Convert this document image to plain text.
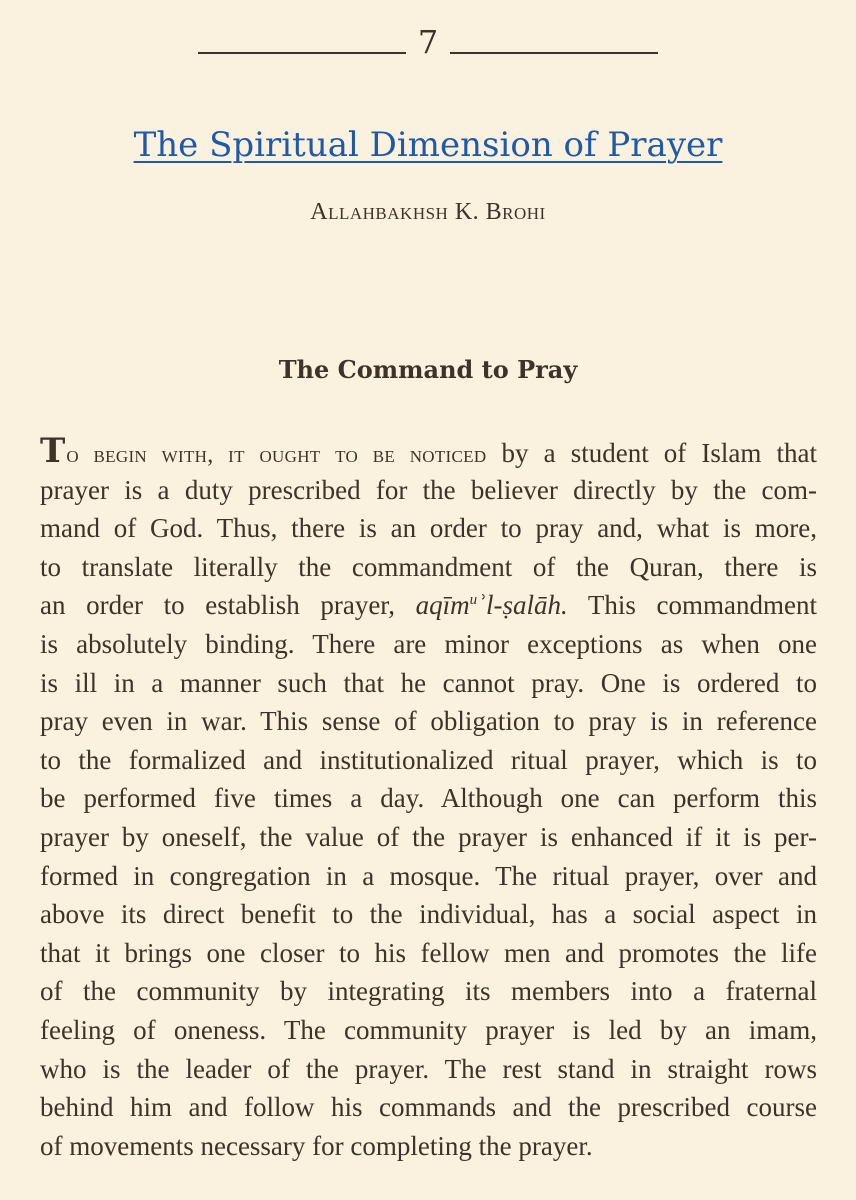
7
The Spiritual Dimension of Prayer
Allahbakhsh K. Brohi
The Command to Pray
To begin with, it ought to be noticed by a student of Islam that
prayer is a duty prescribed for the believer directly by the com-
mand of God. Thus, there is an order to pray and, what is more,
to translate literally the commandment of the Quran, there is
an order to establish prayer, aqīm$^u$ʾl-ṣalāh. This commandment
is absolutely binding. There are minor exceptions as when one
is ill in a manner such that he cannot pray. One is ordered to
pray even in war. This sense of obligation to pray is in reference
to the formalized and institutionalized ritual prayer, which is to
be performed five times a day. Although one can perform this
prayer by oneself, the value of the prayer is enhanced if it is per-
formed in congregation in a mosque. The ritual prayer, over and
above its direct benefit to the individual, has a social aspect in
that it brings one closer to his fellow men and promotes the life
of the community by integrating its members into a fraternal
feeling of oneness. The community prayer is led by an imam,
who is the leader of the prayer. The rest stand in straight rows
behind him and follow his commands and the prescribed course
of movements necessary for completing the prayer.
